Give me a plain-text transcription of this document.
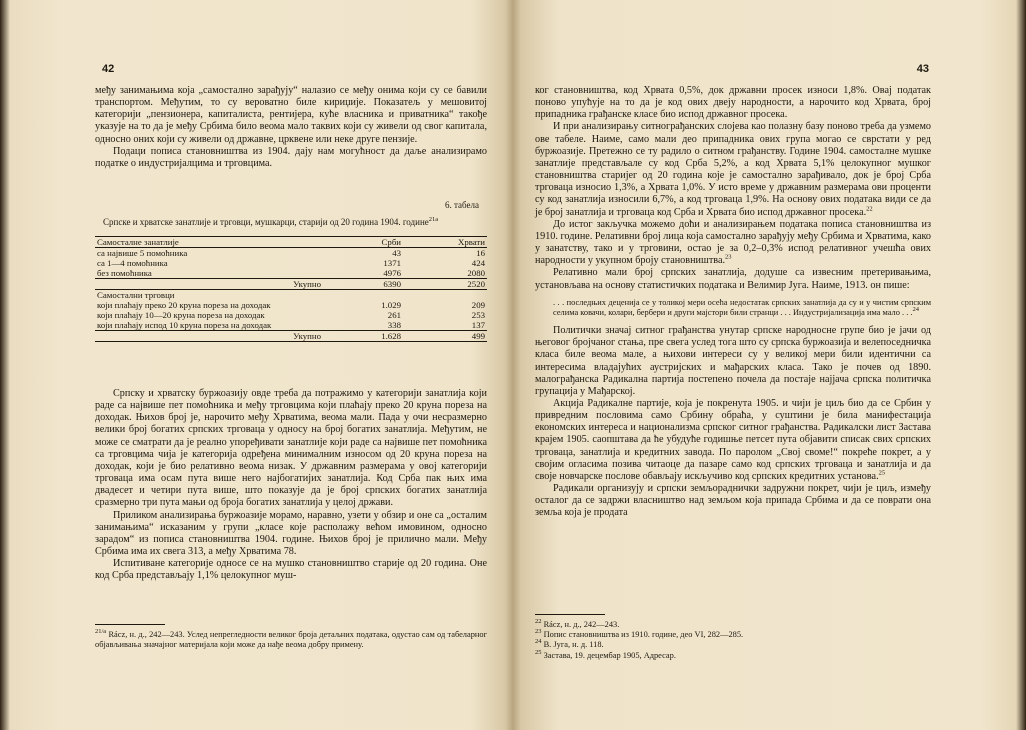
42

међу занимањима која „самостално зарађују“ налазио се међу онима који су се бавили транспортом. Међутим, то су вероватно биле кириџије. Показатељ у мешовитој категорији „пензионера, капиталиста, рентијера, куће власника и приватника“ такође указује на то да је међу Србима било веома мало таквих који су живели од свог капитала, односно оних који су живели од државне, црквене или неке друге пензије.

Подаци пописа становништва из 1904. дају нам могућност да даље анализирамо податке о индустријалцима и трговцима.

6. табела
Српске и хрватске занатлије и трговци, мушкарци, старији од 20 година 1904. године$^{21а}$
Самосталне занатлије	Срби	Хрвати
са највише 5 помоћника	43	16
са 1—4 помоћника	1371	424
без помоћника	4976	2080
Укупно	6390	2520
Самостални трговци		
који плаћају преко 20 круна пореза на доходак	1.029	209
који плаћају 10—20 круна пореза на доходак	261	253
који плаћају испод 10 круна пореза на доходак	338	137
Укупно	1.628	499

Српску и хрватску буржоазију овде треба да потражимо у категорији занатлија који раде са највише пет помоћника и међу трговцима који плаћају преко 20 круна пореза на доходак. Њихов број је, нарочито међу Хрватима, веома мали. Пада у очи несразмерно велики број богатих српских трговаца у односу на број богатих занатлија. Међутим, не може се сматрати да је реално упоређивати занатлије који раде са највише пет помоћника са трговцима чија је категорија одређена минималним износом од 20 круна пореза на доходак, који је био релативно веома низак. У државним размерама у овој категорији трговаца има осам пута више него најбогатијих занатлија. Код Срба пак њих има двадесет и четири пута више, што показује да је број српских богатих занатлија сразмерно три пута мањи од броја богатих занатлија у целој држави.

Приликом анализирања буржоазије морамо, наравно, узети у обзир и оне са „осталим занимањима“ исказаним у групи „класе које располажу већом имовином, односно зарадом“ из пописа становништва 1904. године. Њихов број је прилично мали. Међу Србима има их свега 313, а међу Хрватима 78.

Испитиване категорије односе се на мушко становништво старије од 20 година. Оне код Срба представљају 1,1% целокупног муш-

$^{21/а}$ Rácz, н. д., 242—243. Услед непрегледности великог броја детаљних података, одустао сам од табеларног објављивања значајног материјала који може да нађе веома добру примену.

43

ког становништва, код Хрвата 0,5%, док државни просек износи 1,8%. Овај податак поново упућује на то да је код ових двеју народности, а нарочито код Хрвата, број припадника грађанске класе био испод државног просека.

И при анализирању ситнограђанских слојева као полазну базу поново треба да узмемо ове табеле. Наиме, само мали део припадника ових група могао се сврстати у ред буржоазије. Претежно се ту радило о ситном грађанству. Године 1904. самосталне мушке занатлије представљале су код Срба 5,2%, а код Хрвата 5,1% целокупног мушког становништва старијег од 20 година које је самостално зарађивало, док је број Срба трговаца износио 1,3%, а Хрвата 1,0%. У исто време у државним размерама ови проценти су код занатлија износили 6,7%, а код трговаца 1,9%. На основу ових података види се да је број занатлија и трговаца код Срба и Хрвата био испод државног просека.$^{22}$

До истог закључка можемо доћи и анализирањем података пописа становништва из 1910. године. Релативни број лица која самостално зарађују међу Србима и Хрватима, како у занатству, тако и у трговини, остао је за 0,2–0,3% испод релативног учешћа ових народности у укупном броју становништва.$^{23}$

Релативно мали број српских занатлија, додуше са извесним претеривањима, установљава на основу статистичких података и Велимир Југа. Наиме, 1913. он пише:

. . . последњих деценија се у толикој мери осећа недостатак српских занатлија да су и у чистим српским селима ковачи, колари, бербери и други мајстори били странци . . . Индустријализација има мало . . .$^{24}$

Политички значај ситног грађанства унутар српске народносне групе био је јачи од његовог бројчаног стања, пре свега услед тога што су српска буржоазија и велепоседничка класа биле веома мале, а њихови интереси су у великој мери били идентични са интересима владајућих аустријских и мађарских класа. Тако је почев од 1890. малограђанска Радикална партија постепено почела да постаје најјача српска политичка групација у Мађарској.

Акција Радикалне партије, која је покренута 1905. и чији је циљ био да се Србин у привредним пословима само Србину обраћа, у суштини је била манифестација економских интереса и национализма српског ситног грађанства. Радикалски лист Застава крајем 1905. саопштава да ће убудуће годишње петсет пута објавити списак свих српских трговаца, занатлија и кредитних завода. По паролом „Свој своме!“ покреће покрет, а у својим огласима позива читаоце да пазаре само код српских трговаца и занатлија и да своје новчарске послове обављају искључиво код српских кредитних установа.$^{25}$

Радикали организују и српски земљораднички задружни покрет, чији је циљ, између осталог да се задржи власништво над земљом која припада Србима и да се поврати она земља која је продата

$^{22}$ Rácz, н. д., 242—243.

$^{23}$ Попис становништва из 1910. године, део VI, 282—285.

$^{24}$ В. Југа, н. д. 118.

$^{25}$ Застава, 19. децембар 1905, Адресар.
